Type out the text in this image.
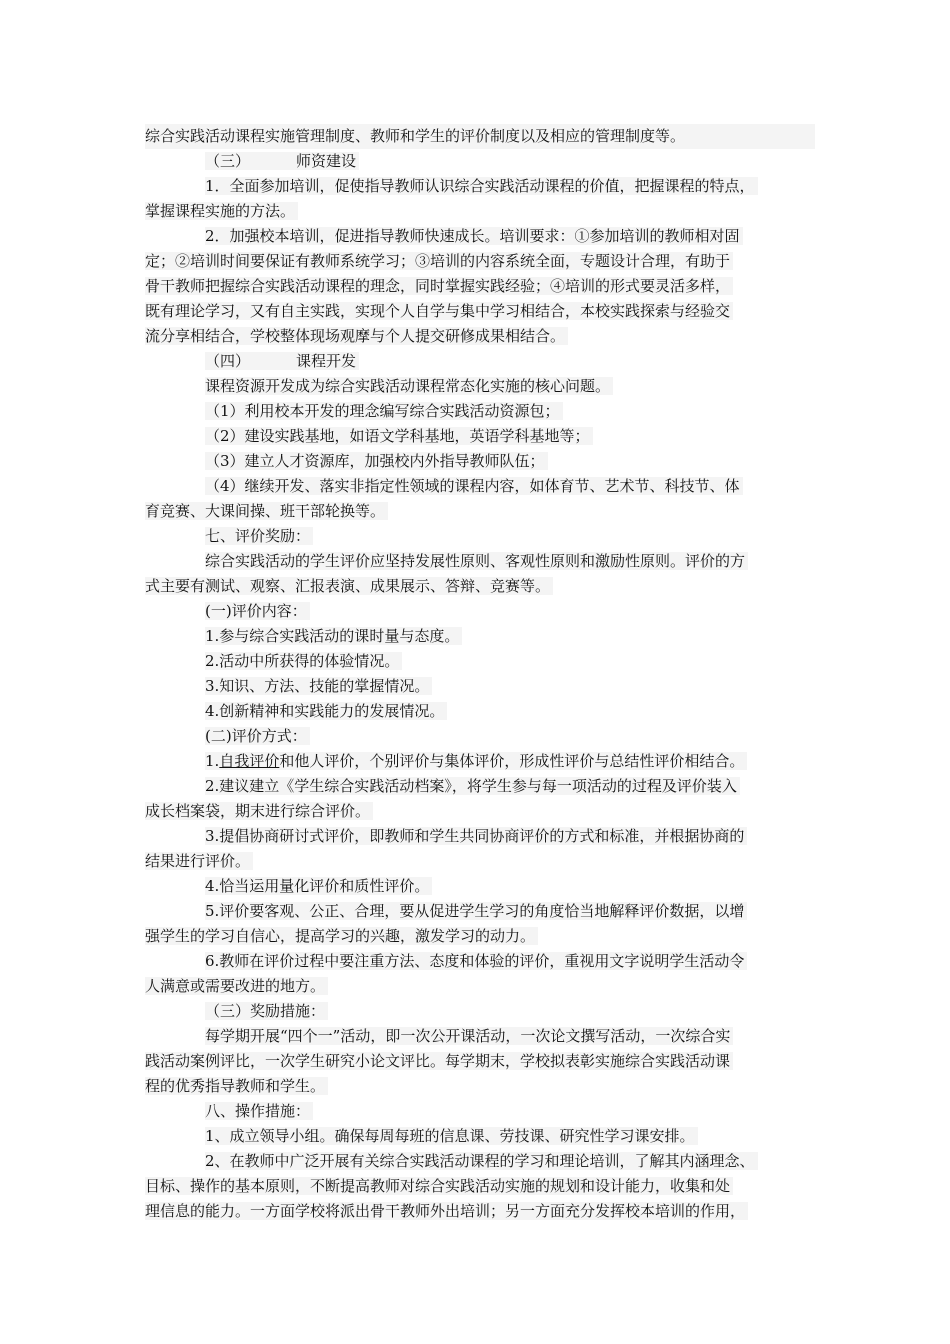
综合实践活动课程实施管理制度、教师和学生的评价制度以及相应的管理制度等。
（三）	师资建设
1．全面参加培训，促使指导教师认识综合实践活动课程的价值，把握课程的特点，
掌握课程实施的方法。
2．加强校本培训，促进指导教师快速成长。培训要求：①参加培训的教师相对固
定；②培训时间要保证有教师系统学习；③培训的内容系统全面，专题设计合理，有助于
骨干教师把握综合实践活动课程的理念，同时掌握实践经验；④培训的形式要灵活多样，
既有理论学习，又有自主实践，实现个人自学与集中学习相结合，本校实践探索与经验交
流分享相结合，学校整体现场观摩与个人提交研修成果相结合。
（四）	课程开发
课程资源开发成为综合实践活动课程常态化实施的核心问题。
（1）利用校本开发的理念编写综合实践活动资源包；
（2）建设实践基地，如语文学科基地，英语学科基地等；
（3）建立人才资源库，加强校内外指导教师队伍；
（4）继续开发、落实非指定性领域的课程内容，如体育节、艺术节、科技节、体
育竞赛、大课间操、班干部轮换等。
七、评价奖励：
综合实践活动的学生评价应坚持发展性原则、客观性原则和激励性原则。评价的方
式主要有测试、观察、汇报表演、成果展示、答辩、竞赛等。
(一)评价内容：
1.参与综合实践活动的课时量与态度。
2.活动中所获得的体验情况。
3.知识、方法、技能的掌握情况。
4.创新精神和实践能力的发展情况。
(二)评价方式：
1.自我评价和他人评价，个别评价与集体评价，形成性评价与总结性评价相结合。
2.建议建立《学生综合实践活动档案》，将学生参与每一项活动的过程及评价装入
成长档案袋，期末进行综合评价。
3.提倡协商研讨式评价，即教师和学生共同协商评价的方式和标准，并根据协商的
结果进行评价。
4.恰当运用量化评价和质性评价。
5.评价要客观、公正、合理，要从促进学生学习的角度恰当地解释评价数据，以增
强学生的学习自信心，提高学习的兴趣，激发学习的动力。
6.教师在评价过程中要注重方法、态度和体验的评价，重视用文字说明学生活动令
人满意或需要改进的地方。
（三）奖励措施：
每学期开展“四个一”活动，即一次公开课活动，一次论文撰写活动，一次综合实
践活动案例评比，一次学生研究小论文评比。每学期末，学校拟表彰实施综合实践活动课
程的优秀指导教师和学生。
八、操作措施：
1、成立领导小组。确保每周每班的信息课、劳技课、研究性学习课安排。
2、在教师中广泛开展有关综合实践活动课程的学习和理论培训，了解其内涵理念、
目标、操作的基本原则，不断提高教师对综合实践活动实施的规划和设计能力，收集和处
理信息的能力。一方面学校将派出骨干教师外出培训；另一方面充分发挥校本培训的作用，
